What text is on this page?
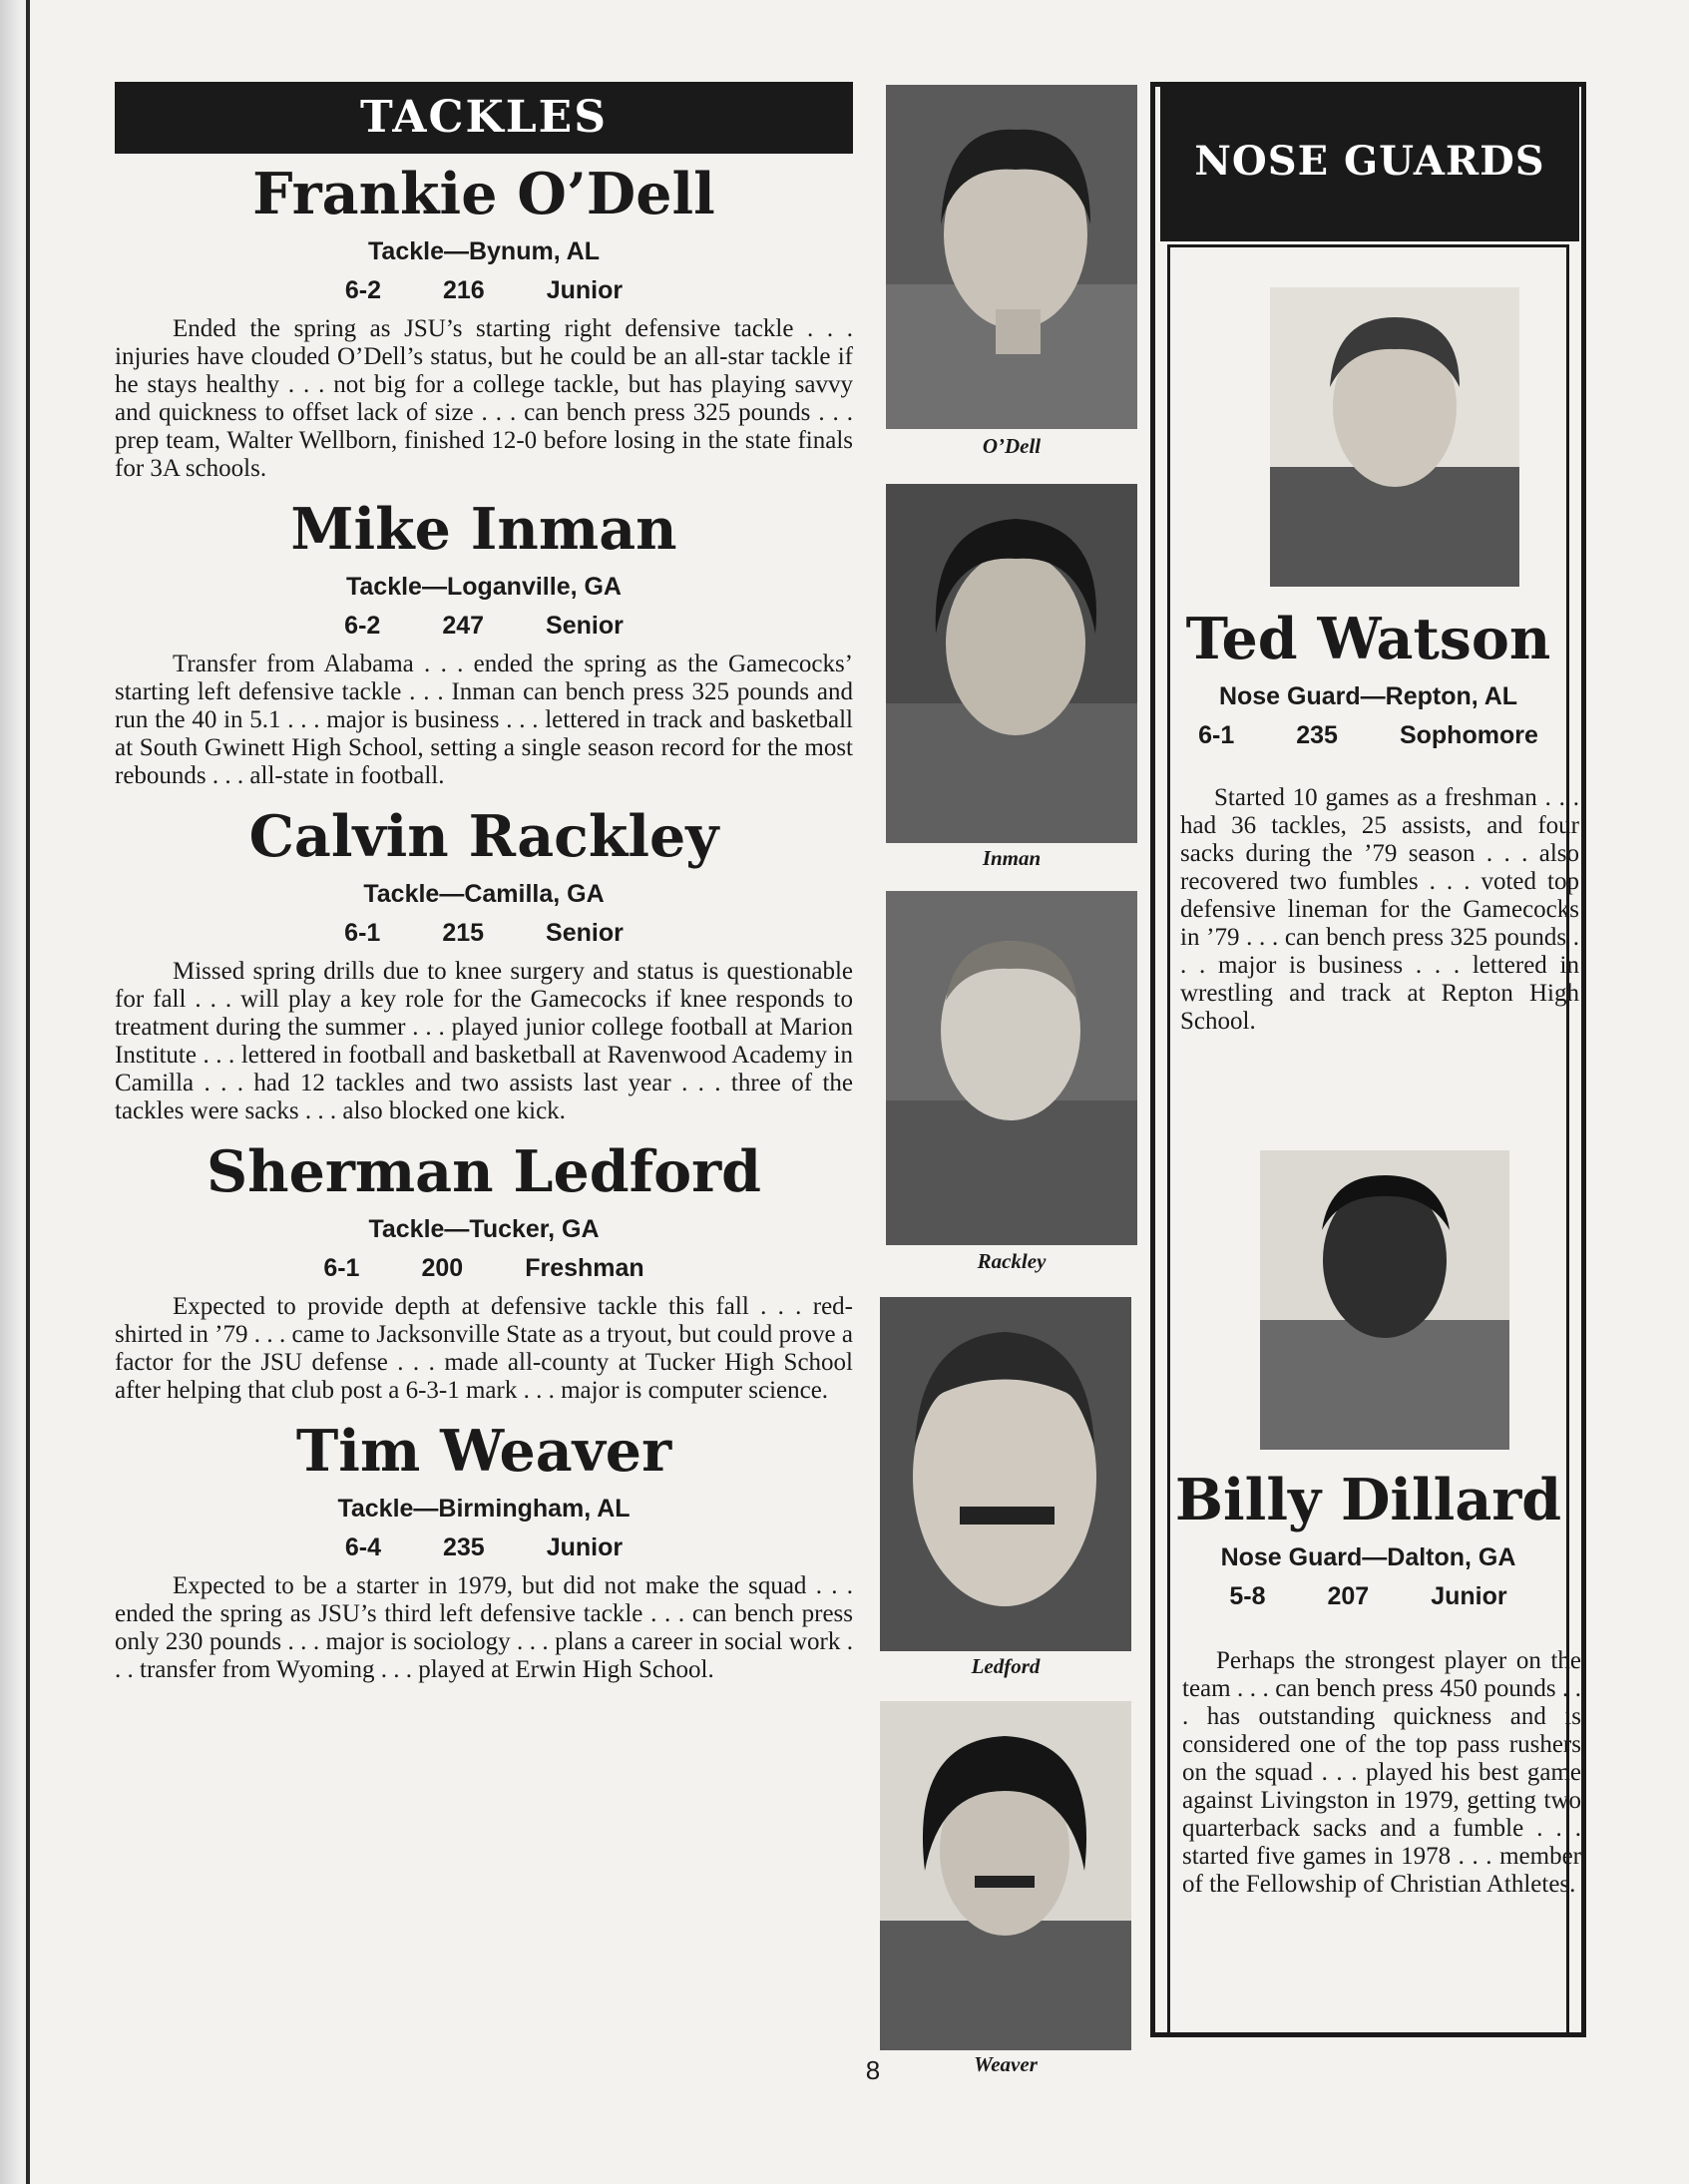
TACKLES
Frankie O’Dell
Tackle—Bynum, AL
6-2 216 Junior

Ended the spring as JSU’s starting right defensive tackle . . . injuries have clouded O’Dell’s status, but he could be an all-star tackle if he stays healthy . . . not big for a college tackle, but has playing savvy and quickness to offset lack of size . . . can bench press 325 pounds . . . prep team, Walter Wellborn, finished 12-0 before losing in the state finals for 3A schools.

Mike Inman
Tackle—Loganville, GA
6-2 247 Senior

Transfer from Alabama . . . ended the spring as the Gamecocks’ starting left defensive tackle . . . Inman can bench press 325 pounds and run the 40 in 5.1 . . . major is business . . . lettered in track and basketball at South Gwinett High School, setting a single season record for the most rebounds . . . all-state in football.

Calvin Rackley
Tackle—Camilla, GA
6-1 215 Senior

Missed spring drills due to knee surgery and status is questionable for fall . . . will play a key role for the Gamecocks if knee responds to treatment during the summer . . . played junior college football at Marion Institute . . . lettered in football and basketball at Ravenwood Academy in Camilla . . . had 12 tackles and two assists last year . . . three of the tackles were sacks . . . also blocked one kick.

Sherman Ledford
Tackle—Tucker, GA
6-1 200 Freshman

Expected to provide depth at defensive tackle this fall . . . red-shirted in ’79 . . . came to Jacksonville State as a tryout, but could prove a factor for the JSU defense . . . made all-county at Tucker High School after helping that club post a 6-3-1 mark . . . major is computer science.

Tim Weaver
Tackle—Birmingham, AL
6-4 235 Junior

Expected to be a starter in 1979, but did not make the squad . . . ended the spring as JSU’s third left defensive tackle . . . can bench press only 230 pounds . . . major is sociology . . . plans a career in social work . . . transfer from Wyoming . . . played at Erwin High School.

O’Dell
Inman
Rackley
Ledford
Weaver
NOSE GUARDS
Ted Watson
Nose Guard—Repton, AL
6-1 235 Sophomore

Started 10 games as a freshman . . . had 36 tackles, 25 assists, and four sacks during the ’79 season . . . also recovered two fumbles . . . voted top defensive lineman for the Gamecocks in ’79 . . . can bench press 325 pounds . . . major is business . . . lettered in wrestling and track at Repton High School.

Billy Dillard
Nose Guard—Dalton, GA
5-8 207 Junior

Perhaps the strongest player on the team . . . can bench press 450 pounds . . . has outstanding quickness and is considered one of the top pass rushers on the squad . . . played his best game against Livingston in 1979, getting two quarterback sacks and a fumble . . . started five games in 1978 . . . member of the Fellowship of Christian Athletes.

8
